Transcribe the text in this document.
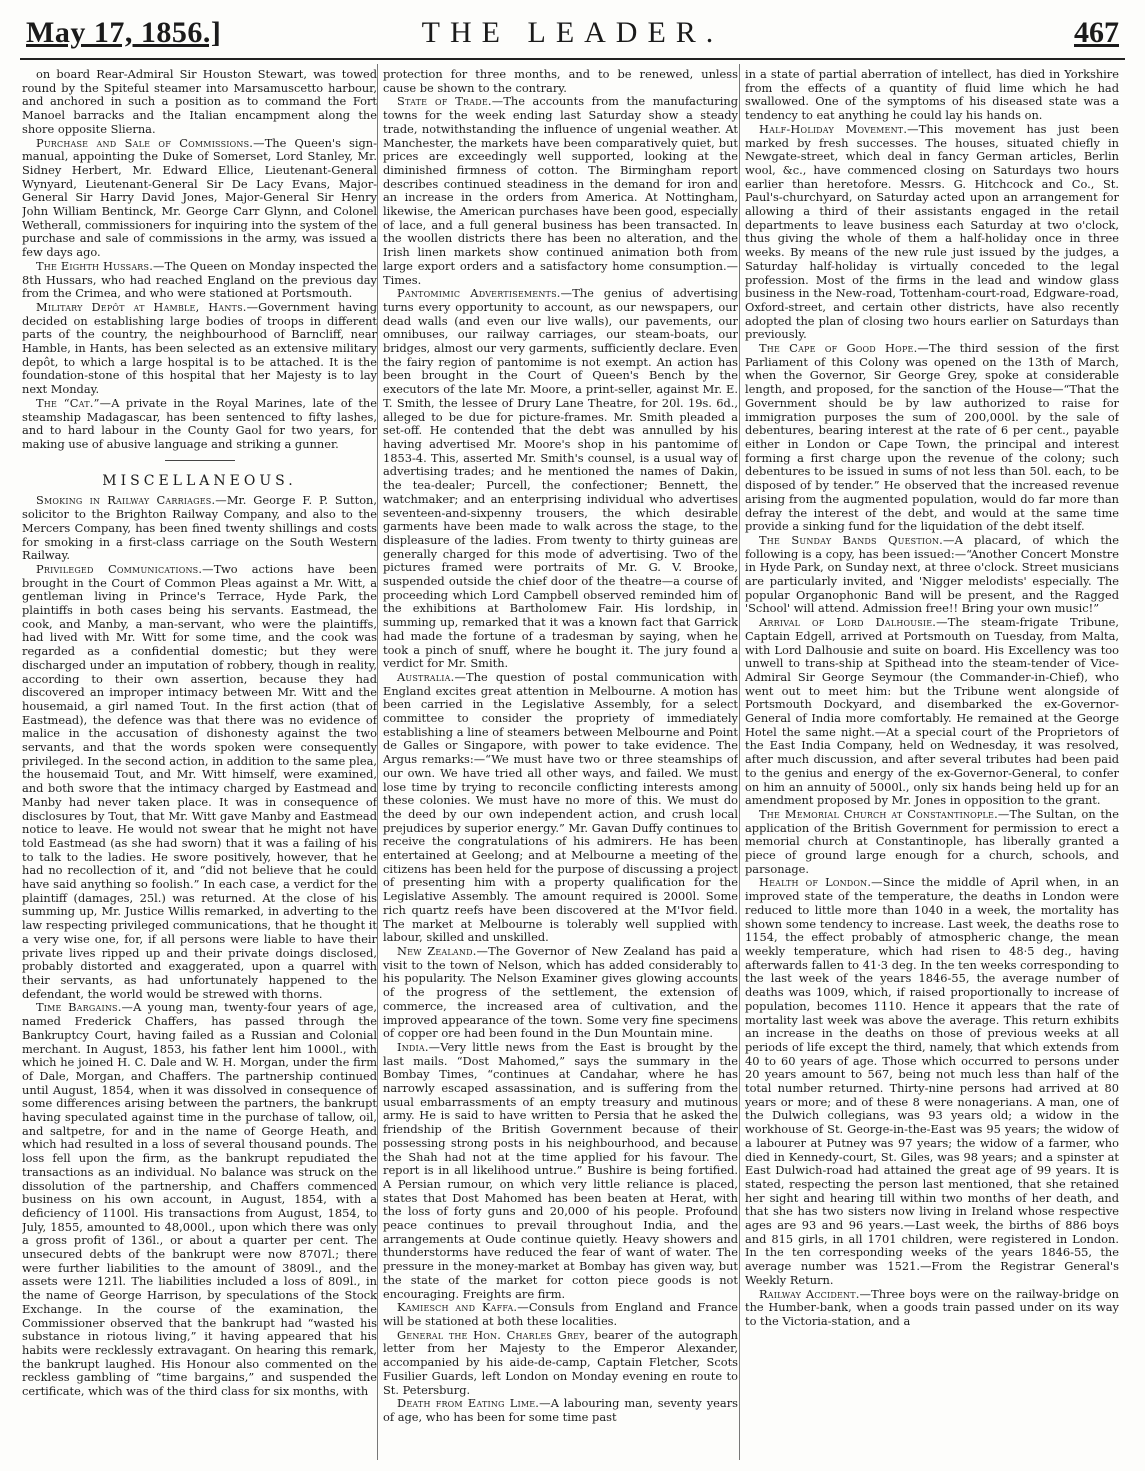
May 17, 1856.]	THE LEADER.	467

on board Rear-Admiral Sir Houston Stewart, was towed round by the Spiteful steamer into Marsamuscetto harbour, and anchored in such a position as to command the Fort Manoel barracks and the Italian encampment along the shore opposite Slierna.

Purchase and Sale of Commissions.—The Queen's sign-manual, appointing the Duke of Somerset, Lord Stanley, Mr. Sidney Herbert, Mr. Edward Ellice, Lieutenant-General Wynyard, Lieutenant-General Sir De Lacy Evans, Major-General Sir Harry David Jones, Major-General Sir Henry John William Bentinck, Mr. George Carr Glynn, and Colonel Wetherall, commissioners for inquiring into the system of the purchase and sale of commissions in the army, was issued a few days ago.

The Eighth Hussars.—The Queen on Monday inspected the 8th Hussars, who had reached England on the previous day from the Crimea, and who were stationed at Portsmouth.

Military Depôt at Hamble, Hants.—Government having decided on establishing large bodies of troops in different parts of the country, the neighbourhood of Barncliff, near Hamble, in Hants, has been selected as an extensive military depôt, to which a large hospital is to be attached. It is the foundation-stone of this hospital that her Majesty is to lay next Monday.

The “Cat.”—A private in the Royal Marines, late of the steamship Madagascar, has been sentenced to fifty lashes, and to hard labour in the County Gaol for two years, for making use of abusive language and striking a gunner.

MISCELLANEOUS.

Smoking in Railway Carriages.—Mr. George F. P. Sutton, solicitor to the Brighton Railway Company, and also to the Mercers Company, has been fined twenty shillings and costs for smoking in a first-class carriage on the South Western Railway.

Privileged Communications.—Two actions have been brought in the Court of Common Pleas against a Mr. Witt, a gentleman living in Prince's Terrace, Hyde Park, the plaintiffs in both cases being his servants. Eastmead, the cook, and Manby, a man-servant, who were the plaintiffs, had lived with Mr. Witt for some time, and the cook was regarded as a confidential domestic; but they were discharged under an imputation of robbery, though in reality, according to their own assertion, because they had discovered an improper intimacy between Mr. Witt and the housemaid, a girl named Tout. In the first action (that of Eastmead), the defence was that there was no evidence of malice in the accusation of dishonesty against the two servants, and that the words spoken were consequently privileged. In the second action, in addition to the same plea, the housemaid Tout, and Mr. Witt himself, were examined, and both swore that the intimacy charged by Eastmead and Manby had never taken place. It was in consequence of disclosures by Tout, that Mr. Witt gave Manby and Eastmead notice to leave. He would not swear that he might not have told Eastmead (as she had sworn) that it was a failing of his to talk to the ladies. He swore positively, however, that he had no recollection of it, and “did not believe that he could have said anything so foolish.” In each case, a verdict for the plaintiff (damages, 25l.) was returned. At the close of his summing up, Mr. Justice Willis remarked, in adverting to the law respecting privileged communications, that he thought it a very wise one, for, if all persons were liable to have their private lives ripped up and their private doings disclosed, probably distorted and exaggerated, upon a quarrel with their servants, as had unfortunately happened to the defendant, the world would be strewed with thorns.

Time Bargains.—A young man, twenty-four years of age, named Frederick Chaffers, has passed through the Bankruptcy Court, having failed as a Russian and Colonial merchant. In August, 1853, his father lent him 1000l., with which he joined H. C. Dale and W. H. Morgan, under the firm of Dale, Morgan, and Chaffers. The partnership continued until August, 1854, when it was dissolved in consequence of some differences arising between the partners, the bankrupt having speculated against time in the purchase of tallow, oil, and saltpetre, for and in the name of George Heath, and which had resulted in a loss of several thousand pounds. The loss fell upon the firm, as the bankrupt repudiated the transactions as an individual. No balance was struck on the dissolution of the partnership, and Chaffers commenced business on his own account, in August, 1854, with a deficiency of 1100l. His transactions from August, 1854, to July, 1855, amounted to 48,000l., upon which there was only a gross profit of 136l., or about a quarter per cent. The unsecured debts of the bankrupt were now 8707l.; there were further liabilities to the amount of 3809l., and the assets were 121l. The liabilities included a loss of 809l., in the name of George Harrison, by speculations of the Stock Exchange. In the course of the examination, the Commissioner observed that the bankrupt had “wasted his substance in riotous living,” it having appeared that his habits were recklessly extravagant. On hearing this remark, the bankrupt laughed. His Honour also commented on the reckless gambling of “time bargains,” and suspended the certificate, which was of the third class for six months, with

protection for three months, and to be renewed, unless cause be shown to the contrary.

State of Trade.—The accounts from the manufacturing towns for the week ending last Saturday show a steady trade, notwithstanding the influence of ungenial weather. At Manchester, the markets have been comparatively quiet, but prices are exceedingly well supported, looking at the diminished firmness of cotton. The Birmingham report describes continued steadiness in the demand for iron and an increase in the orders from America. At Nottingham, likewise, the American purchases have been good, especially of lace, and a full general business has been transacted. In the woollen districts there has been no alteration, and the Irish linen markets show continued animation both from large export orders and a satisfactory home consumption.—Times.

Pantomimic Advertisements.—The genius of advertising turns every opportunity to account, as our newspapers, our dead walls (and even our live walls), our pavements, our omnibuses, our railway carriages, our steam-boats, our bridges, almost our very garments, sufficiently declare. Even the fairy region of pantomime is not exempt. An action has been brought in the Court of Queen's Bench by the executors of the late Mr. Moore, a print-seller, against Mr. E. T. Smith, the lessee of Drury Lane Theatre, for 20l. 19s. 6d., alleged to be due for picture-frames. Mr. Smith pleaded a set-off. He contended that the debt was annulled by his having advertised Mr. Moore's shop in his pantomime of 1853-4. This, asserted Mr. Smith's counsel, is a usual way of advertising trades; and he mentioned the names of Dakin, the tea-dealer; Purcell, the confectioner; Bennett, the watchmaker; and an enterprising individual who advertises seventeen-and-sixpenny trousers, the which desirable garments have been made to walk across the stage, to the displeasure of the ladies. From twenty to thirty guineas are generally charged for this mode of advertising. Two of the pictures framed were portraits of Mr. G. V. Brooke, suspended outside the chief door of the theatre—a course of proceeding which Lord Campbell observed reminded him of the exhibitions at Bartholomew Fair. His lordship, in summing up, remarked that it was a known fact that Garrick had made the fortune of a tradesman by saying, when he took a pinch of snuff, where he bought it. The jury found a verdict for Mr. Smith.

Australia.—The question of postal communication with England excites great attention in Melbourne. A motion has been carried in the Legislative Assembly, for a select committee to consider the propriety of immediately establishing a line of steamers between Melbourne and Point de Galles or Singapore, with power to take evidence. The Argus remarks:—“We must have two or three steamships of our own. We have tried all other ways, and failed. We must lose time by trying to reconcile conflicting interests among these colonies. We must have no more of this. We must do the deed by our own independent action, and crush local prejudices by superior energy.” Mr. Gavan Duffy continues to receive the congratulations of his admirers. He has been entertained at Geelong; and at Melbourne a meeting of the citizens has been held for the purpose of discussing a project of presenting him with a property qualification for the Legislative Assembly. The amount required is 2000l. Some rich quartz reefs have been discovered at the M'Ivor field. The market at Melbourne is tolerably well supplied with labour, skilled and unskilled.

New Zealand.—The Governor of New Zealand has paid a visit to the town of Nelson, which has added considerably to his popularity. The Nelson Examiner gives glowing accounts of the progress of the settlement, the extension of commerce, the increased area of cultivation, and the improved appearance of the town. Some very fine specimens of copper ore had been found in the Dun Mountain mine.

India.—Very little news from the East is brought by the last mails. “Dost Mahomed,” says the summary in the Bombay Times, “continues at Candahar, where he has narrowly escaped assassination, and is suffering from the usual embarrassments of an empty treasury and mutinous army. He is said to have written to Persia that he asked the friendship of the British Government because of their possessing strong posts in his neighbourhood, and because the Shah had not at the time applied for his favour. The report is in all likelihood untrue.” Bushire is being fortified. A Persian rumour, on which very little reliance is placed, states that Dost Mahomed has been beaten at Herat, with the loss of forty guns and 20,000 of his people. Profound peace continues to prevail throughout India, and the arrangements at Oude continue quietly. Heavy showers and thunderstorms have reduced the fear of want of water. The pressure in the money-market at Bombay has given way, but the state of the market for cotton piece goods is not encouraging. Freights are firm.

Kamiesch and Kaffa.—Consuls from England and France will be stationed at both these localities.

General the Hon. Charles Grey, bearer of the autograph letter from her Majesty to the Emperor Alexander, accompanied by his aide-de-camp, Captain Fletcher, Scots Fusilier Guards, left London on Monday evening en route to St. Petersburg.

Death from Eating Lime.—A labouring man, seventy years of age, who has been for some time past

in a state of partial aberration of intellect, has died in Yorkshire from the effects of a quantity of fluid lime which he had swallowed. One of the symptoms of his diseased state was a tendency to eat anything he could lay his hands on.

Half-Holiday Movement.—This movement has just been marked by fresh successes. The houses, situated chiefly in Newgate-street, which deal in fancy German articles, Berlin wool, &c., have commenced closing on Saturdays two hours earlier than heretofore. Messrs. G. Hitchcock and Co., St. Paul's-churchyard, on Saturday acted upon an arrangement for allowing a third of their assistants engaged in the retail departments to leave business each Saturday at two o'clock, thus giving the whole of them a half-holiday once in three weeks. By means of the new rule just issued by the judges, a Saturday half-holiday is virtually conceded to the legal profession. Most of the firms in the lead and window glass business in the New-road, Tottenham-court-road, Edgware-road, Oxford-street, and certain other districts, have also recently adopted the plan of closing two hours earlier on Saturdays than previously.

The Cape of Good Hope.—The third session of the first Parliament of this Colony was opened on the 13th of March, when the Governor, Sir George Grey, spoke at considerable length, and proposed, for the sanction of the House—“That the Government should be by law authorized to raise for immigration purposes the sum of 200,000l. by the sale of debentures, bearing interest at the rate of 6 per cent., payable either in London or Cape Town, the principal and interest forming a first charge upon the revenue of the colony; such debentures to be issued in sums of not less than 50l. each, to be disposed of by tender.” He observed that the increased revenue arising from the augmented population, would do far more than defray the interest of the debt, and would at the same time provide a sinking fund for the liquidation of the debt itself.

The Sunday Bands Question.—A placard, of which the following is a copy, has been issued:—“Another Concert Monstre in Hyde Park, on Sunday next, at three o'clock. Street musicians are particularly invited, and 'Nigger melodists' especially. The popular Organophonic Band will be present, and the Ragged 'School' will attend. Admission free!! Bring your own music!”

Arrival of Lord Dalhousie.—The steam-frigate Tribune, Captain Edgell, arrived at Portsmouth on Tuesday, from Malta, with Lord Dalhousie and suite on board. His Excellency was too unwell to trans-ship at Spithead into the steam-tender of Vice-Admiral Sir George Seymour (the Commander-in-Chief), who went out to meet him: but the Tribune went alongside of Portsmouth Dockyard, and disembarked the ex-Governor-General of India more comfortably. He remained at the George Hotel the same night.—At a special court of the Proprietors of the East India Company, held on Wednesday, it was resolved, after much discussion, and after several tributes had been paid to the genius and energy of the ex-Governor-General, to confer on him an annuity of 5000l., only six hands being held up for an amendment proposed by Mr. Jones in opposition to the grant.

The Memorial Church at Constantinople.—The Sultan, on the application of the British Government for permission to erect a memorial church at Constantinople, has liberally granted a piece of ground large enough for a church, schools, and parsonage.

Health of London.—Since the middle of April when, in an improved state of the temperature, the deaths in London were reduced to little more than 1040 in a week, the mortality has shown some tendency to increase. Last week, the deaths rose to 1154, the effect probably of atmospheric change, the mean weekly temperature, which had risen to 48·5 deg., having afterwards fallen to 41·3 deg. In the ten weeks corresponding to the last week of the years 1846-55, the average number of deaths was 1009, which, if raised proportionally to increase of population, becomes 1110. Hence it appears that the rate of mortality last week was above the average. This return exhibits an increase in the deaths on those of previous weeks at all periods of life except the third, namely, that which extends from 40 to 60 years of age. Those which occurred to persons under 20 years amount to 567, being not much less than half of the total number returned. Thirty-nine persons had arrived at 80 years or more; and of these 8 were nonagerians. A man, one of the Dulwich collegians, was 93 years old; a widow in the workhouse of St. George-in-the-East was 95 years; the widow of a labourer at Putney was 97 years; the widow of a farmer, who died in Kennedy-court, St. Giles, was 98 years; and a spinster at East Dulwich-road had attained the great age of 99 years. It is stated, respecting the person last mentioned, that she retained her sight and hearing till within two months of her death, and that she has two sisters now living in Ireland whose respective ages are 93 and 96 years.—Last week, the births of 886 boys and 815 girls, in all 1701 children, were registered in London. In the ten corresponding weeks of the years 1846-55, the average number was 1521.—From the Registrar General's Weekly Return.

Railway Accident.—Three boys were on the railway-bridge on the Humber-bank, when a goods train passed under on its way to the Victoria-station, and a
